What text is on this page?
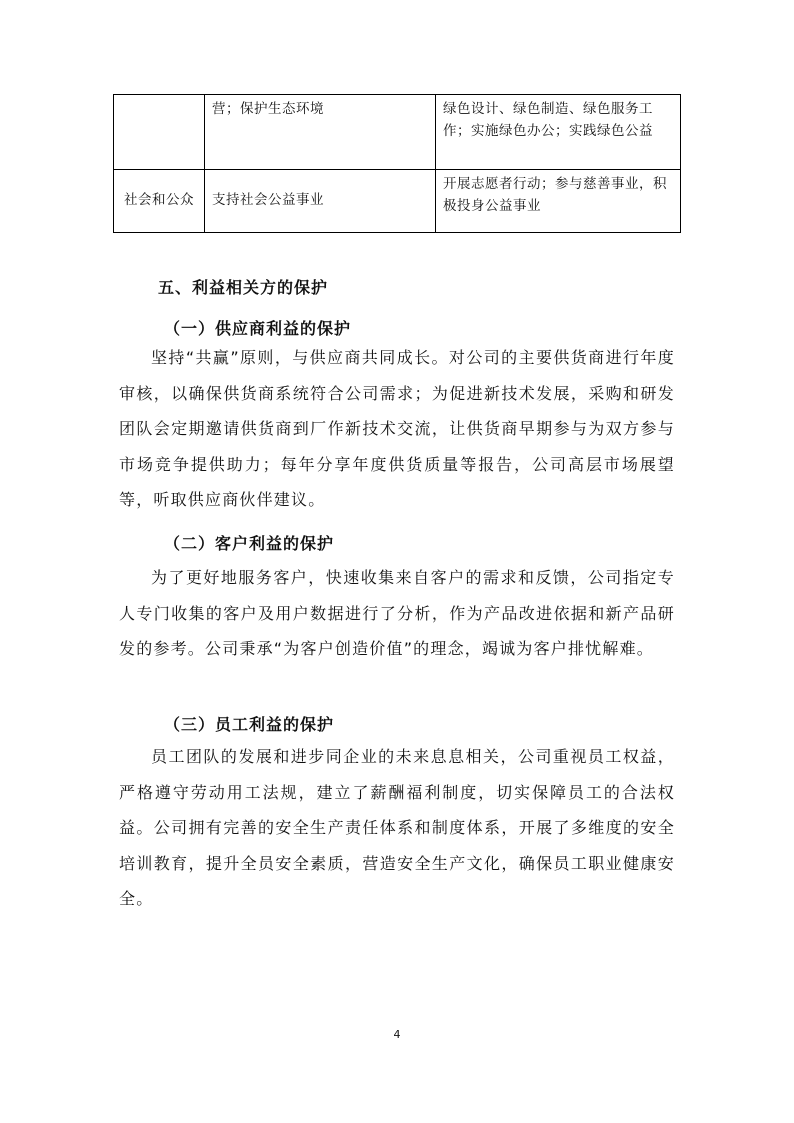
	营；保护生态环境	绿色设计、绿色制造、绿色服务工作；实施绿色办公；实践绿色公益
社会和公众	支持社会公益事业	开展志愿者行动；参与慈善事业，积极投身公益事业
五、利益相关方的保护
（一）供应商利益的保护

坚持“共赢”原则，与供应商共同成长。对公司的主要供货商进行年度审核，以确保供货商系统符合公司需求；为促进新技术发展，采购和研发团队会定期邀请供货商到厂作新技术交流，让供货商早期参与为双方参与市场竞争提供助力；每年分享年度供货质量等报告，公司高层市场展望等，听取供应商伙伴建议。

（二）客户利益的保护

为了更好地服务客户，快速收集来自客户的需求和反馈，公司指定专人专门收集的客户及用户数据进行了分析，作为产品改进依据和新产品研发的参考。公司秉承“为客户创造价值”的理念，竭诚为客户排忧解难。

（三）员工利益的保护

员工团队的发展和进步同企业的未来息息相关，公司重视员工权益，严格遵守劳动用工法规，建立了薪酬福利制度，切实保障员工的合法权益。公司拥有完善的安全生产责任体系和制度体系，开展了多维度的安全培训教育，提升全员安全素质，营造安全生产文化，确保员工职业健康安全。

4
